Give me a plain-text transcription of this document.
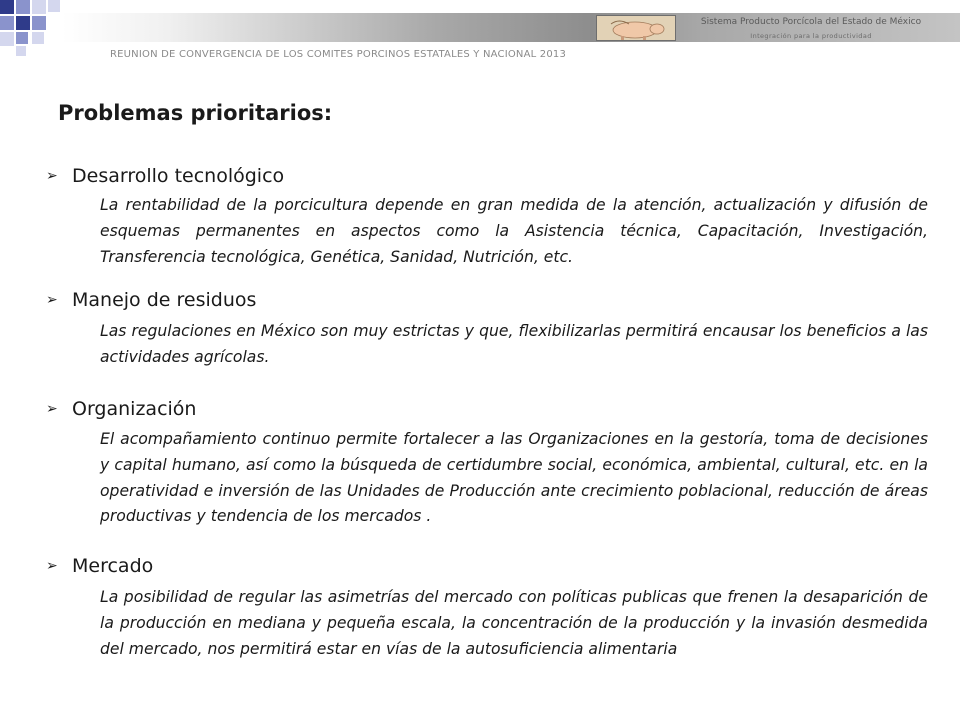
Sistema Producto Porcícola del Estado de México
Integración para la productividad
REUNION DE CONVERGENCIA DE LOS COMITES PORCINOS ESTATALES Y NACIONAL 2013
Problemas prioritarios:
➢ Desarrollo tecnológico
La rentabilidad de la porcicultura depende en gran medida de la atención, actualización y difusión de esquemas permanentes en aspectos como la Asistencia técnica, Capacitación, Investigación, Transferencia tecnológica, Genética, Sanidad, Nutrición, etc.
➢ Manejo de residuos
Las regulaciones en México son muy estrictas y que, flexibilizarlas permitirá encausar los beneficios a las actividades agrícolas.
➢ Organización
El acompañamiento continuo permite fortalecer a las Organizaciones en la gestoría, toma de decisiones y capital humano, así como la búsqueda de certidumbre social, económica, ambiental, cultural, etc. en la operatividad e inversión de las Unidades de Producción ante crecimiento poblacional, reducción de áreas productivas y tendencia de los mercados .
➢ Mercado
La posibilidad de regular las asimetrías del mercado con políticas publicas que frenen la desaparición de la producción en mediana y pequeña escala, la concentración de la producción y la invasión desmedida del mercado, nos permitirá estar en vías de la autosuficiencia alimentaria
